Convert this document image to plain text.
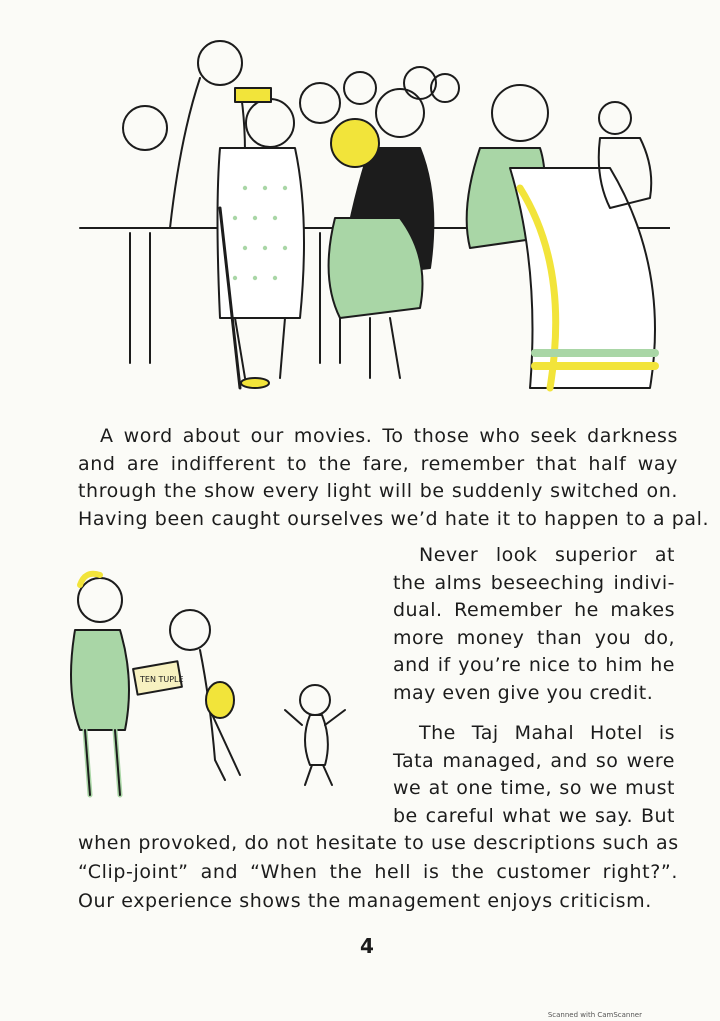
A word about our movies. To those who seek darkness
and are indifferent to the fare, remember that half way
through the show every light will be suddenly switched on.
Having been caught ourselves we’d hate it to happen to a pal.
TEN TUPLE
Never look superior at
the alms beseeching indivi-
dual. Remember he makes
more money than you do,
and if you’re nice to him he
may even give you credit.
The Taj Mahal Hotel is
Tata managed, and so were
we at one time, so we must
be careful what we say. But
when provoked, do not hesitate to use descriptions such as
“Clip-joint” and “When the hell is the customer right?”.
Our experience shows the management enjoys criticism.
4
Scanned with CamScanner
